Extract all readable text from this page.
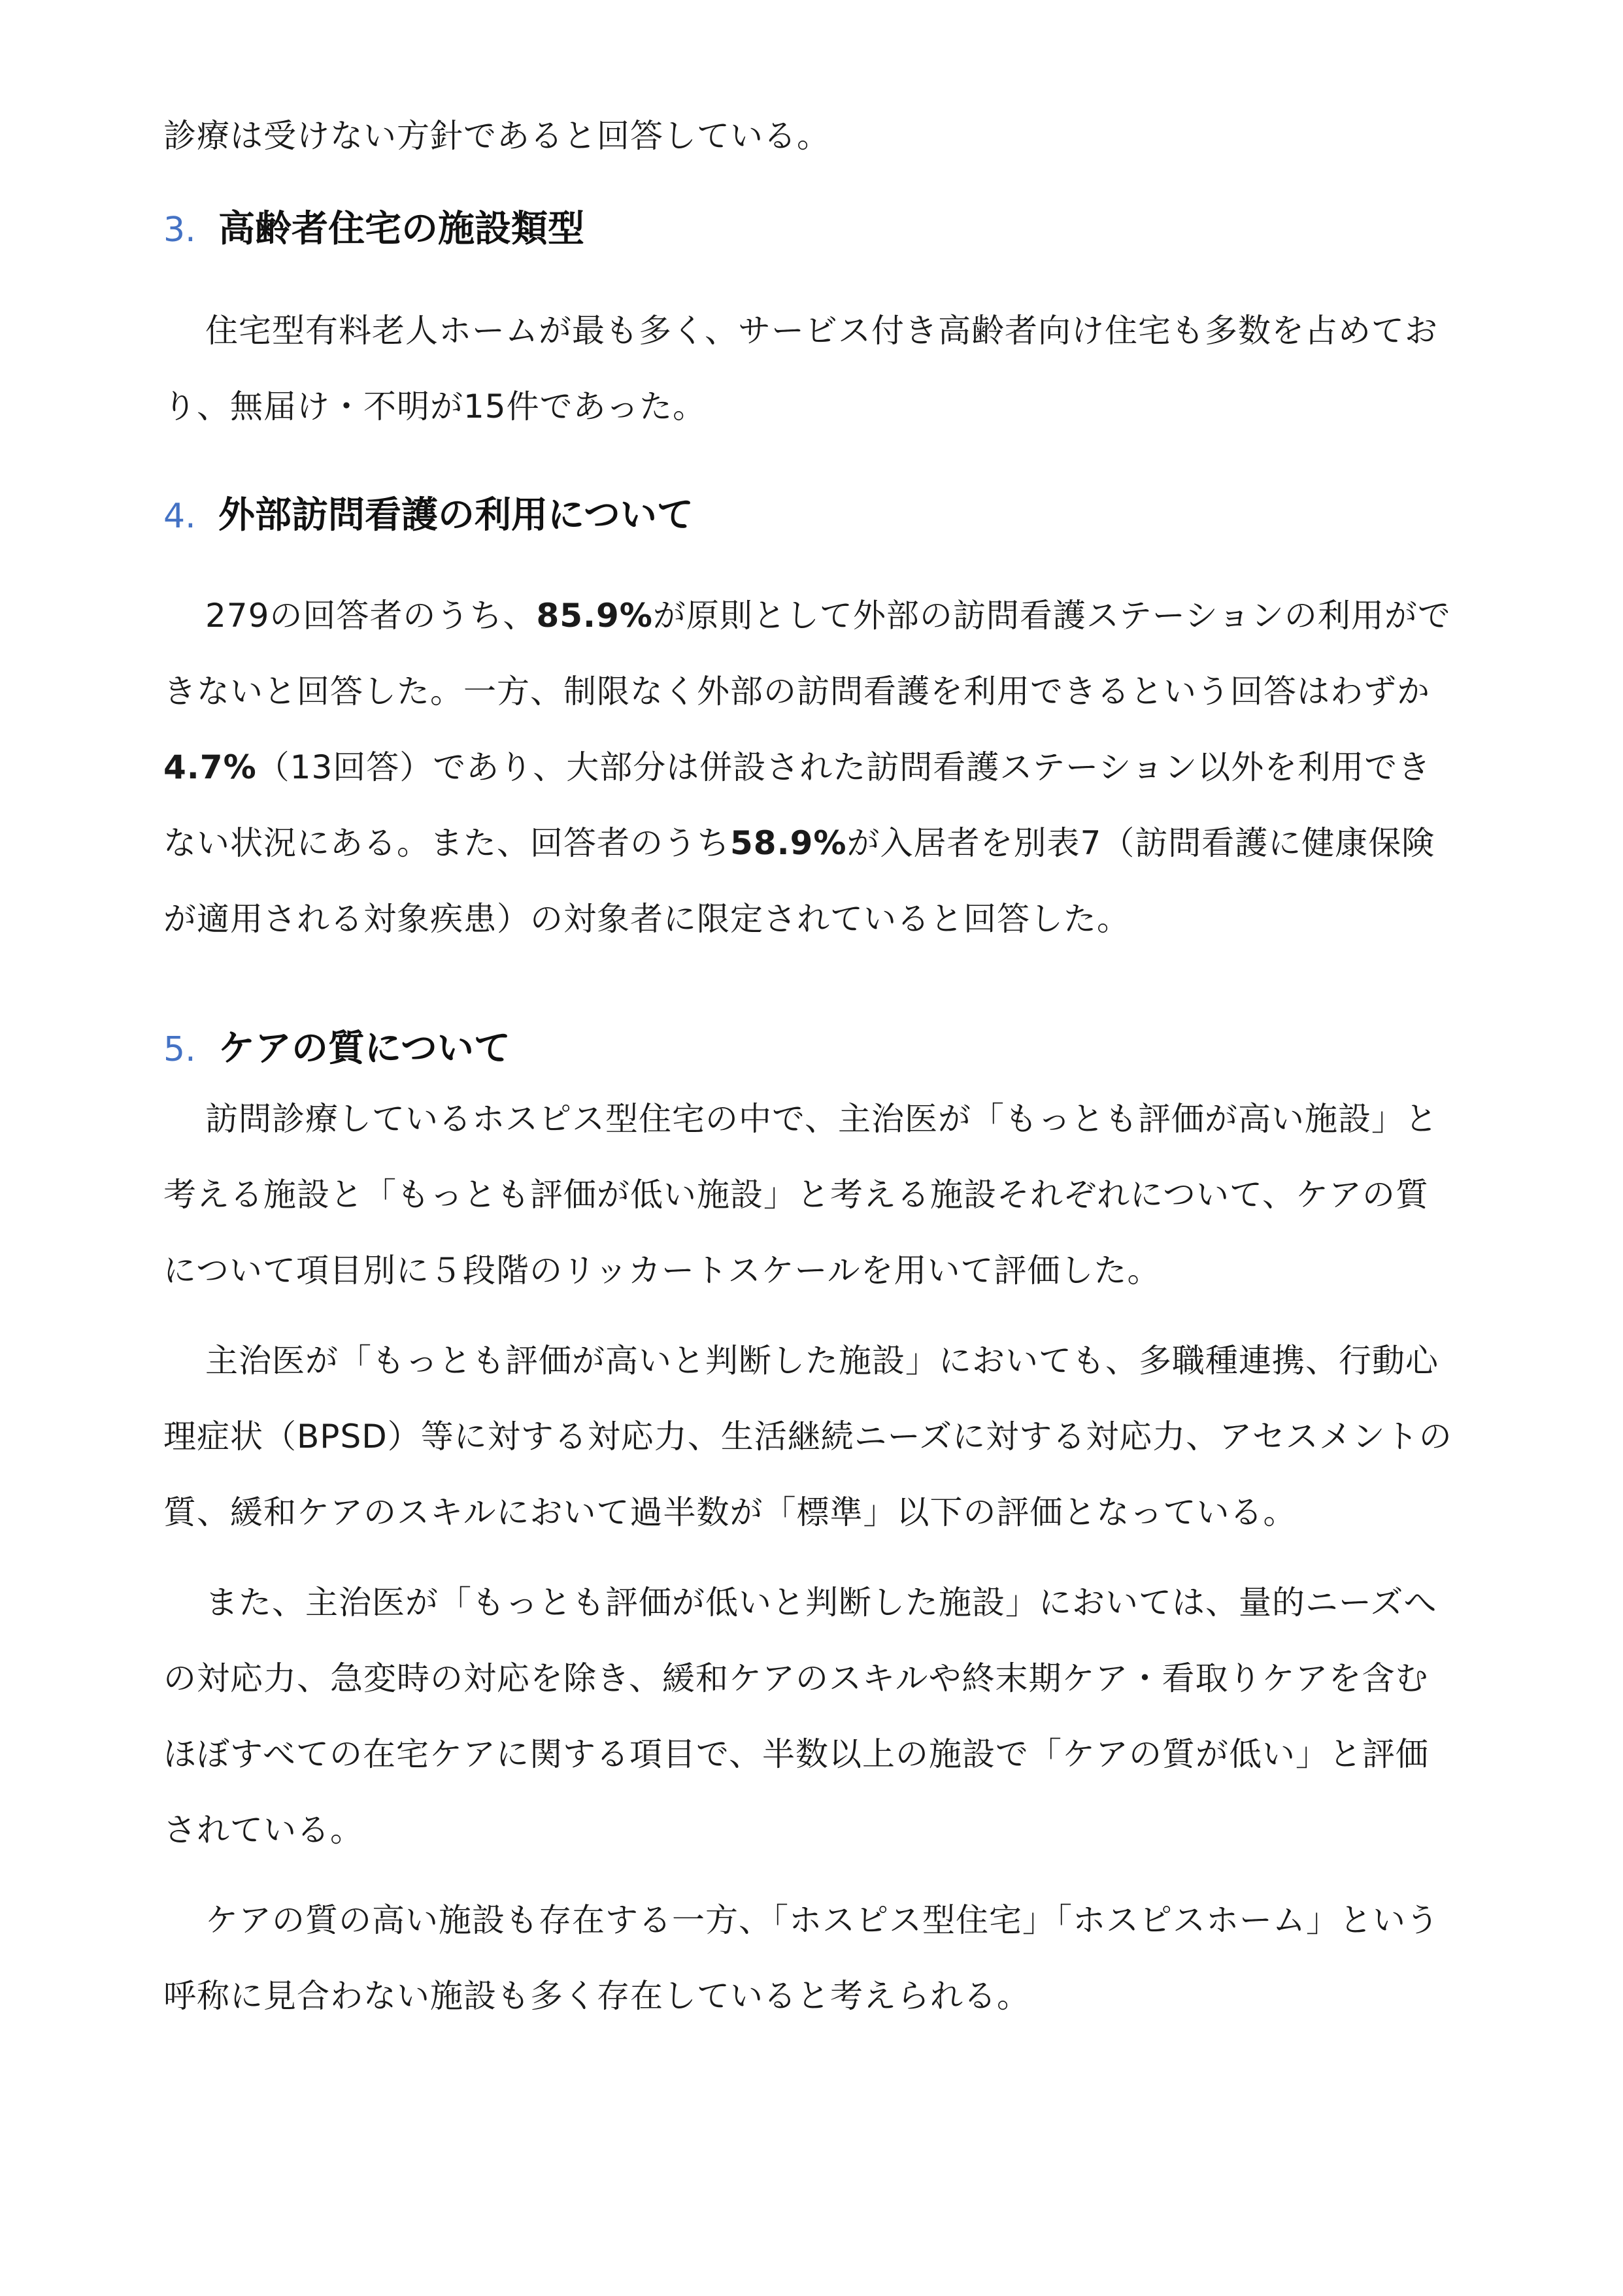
診療は受けない方針であると回答している。

3. 高齢者住宅の施設類型

住宅型有料老人ホームが最も多く、サービス付き高齢者向け住宅も多数を占めており、無届け・不明が15件であった。

4. 外部訪問看護の利用について

279の回答者のうち、85.9%が原則として外部の訪問看護ステーションの利用ができないと回答した。一方、制限なく外部の訪問看護を利用できるという回答はわずか4.7%（13回答）であり、大部分は併設された訪問看護ステーション以外を利用できない状況にある。また、回答者のうち58.9%が入居者を別表7（訪問看護に健康保険が適用される対象疾患）の対象者に限定されていると回答した。

5. ケアの質について

訪問診療しているホスピス型住宅の中で、主治医が「もっとも評価が高い施設」と考える施設と「もっとも評価が低い施設」と考える施設それぞれについて、ケアの質について項目別に５段階のリッカートスケールを用いて評価した。

主治医が「もっとも評価が高いと判断した施設」においても、多職種連携、行動心理症状（BPSD）等に対する対応力、生活継続ニーズに対する対応力、アセスメントの質、緩和ケアのスキルにおいて過半数が「標準」以下の評価となっている。

また、主治医が「もっとも評価が低いと判断した施設」においては、量的ニーズへの対応力、急変時の対応を除き、緩和ケアのスキルや終末期ケア・看取りケアを含むほぼすべての在宅ケアに関する項目で、半数以上の施設で「ケアの質が低い」と評価されている。

ケアの質の高い施設も存在する一方、「ホスピス型住宅」「ホスピスホーム」という呼称に見合わない施設も多く存在していると考えられる。
